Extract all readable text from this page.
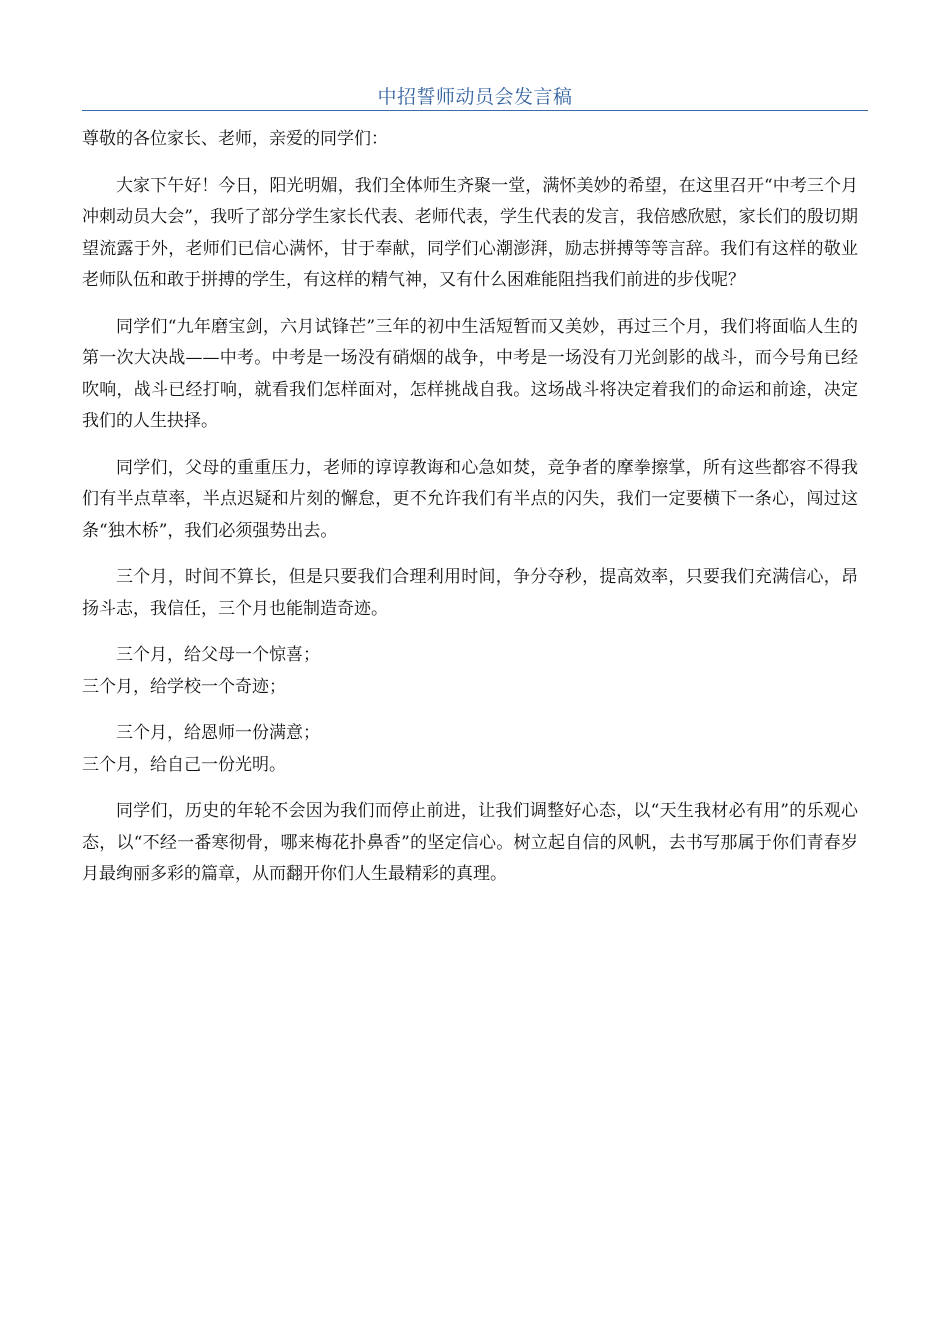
中招誓师动员会发言稿

尊敬的各位家长、老师，亲爱的同学们：

大家下午好！今日，阳光明媚，我们全体师生齐聚一堂，满怀美妙的希望，在这里召开“中考三个月冲刺动员大会”，我听了部分学生家长代表、老师代表，学生代表的发言，我倍感欣慰，家长们的殷切期望流露于外，老师们已信心满怀，甘于奉献，同学们心潮澎湃，励志拼搏等等言辞。我们有这样的敬业老师队伍和敢于拼搏的学生，有这样的精气神，又有什么困难能阻挡我们前进的步伐呢？

同学们“九年磨宝剑，六月试锋芒”三年的初中生活短暂而又美妙，再过三个月，我们将面临人生的第一次大决战——中考。中考是一场没有硝烟的战争，中考是一场没有刀光剑影的战斗，而今号角已经吹响，战斗已经打响，就看我们怎样面对，怎样挑战自我。这场战斗将决定着我们的命运和前途，决定我们的人生抉择。

同学们，父母的重重压力，老师的谆谆教诲和心急如焚，竞争者的摩拳擦掌，所有这些都容不得我们有半点草率，半点迟疑和片刻的懈怠，更不允许我们有半点的闪失，我们一定要横下一条心，闯过这条“独木桥”，我们必须强势出去。

三个月，时间不算长，但是只要我们合理利用时间，争分夺秒，提高效率，只要我们充满信心，昂扬斗志，我信任，三个月也能制造奇迹。

三个月，给父母一个惊喜；

三个月，给学校一个奇迹；

三个月，给恩师一份满意；

三个月，给自己一份光明。

同学们，历史的年轮不会因为我们而停止前进，让我们调整好心态，以“天生我材必有用”的乐观心态，以“不经一番寒彻骨，哪来梅花扑鼻香”的坚定信心。树立起自信的风帆，去书写那属于你们青春岁月最绚丽多彩的篇章，从而翻开你们人生最精彩的真理。
